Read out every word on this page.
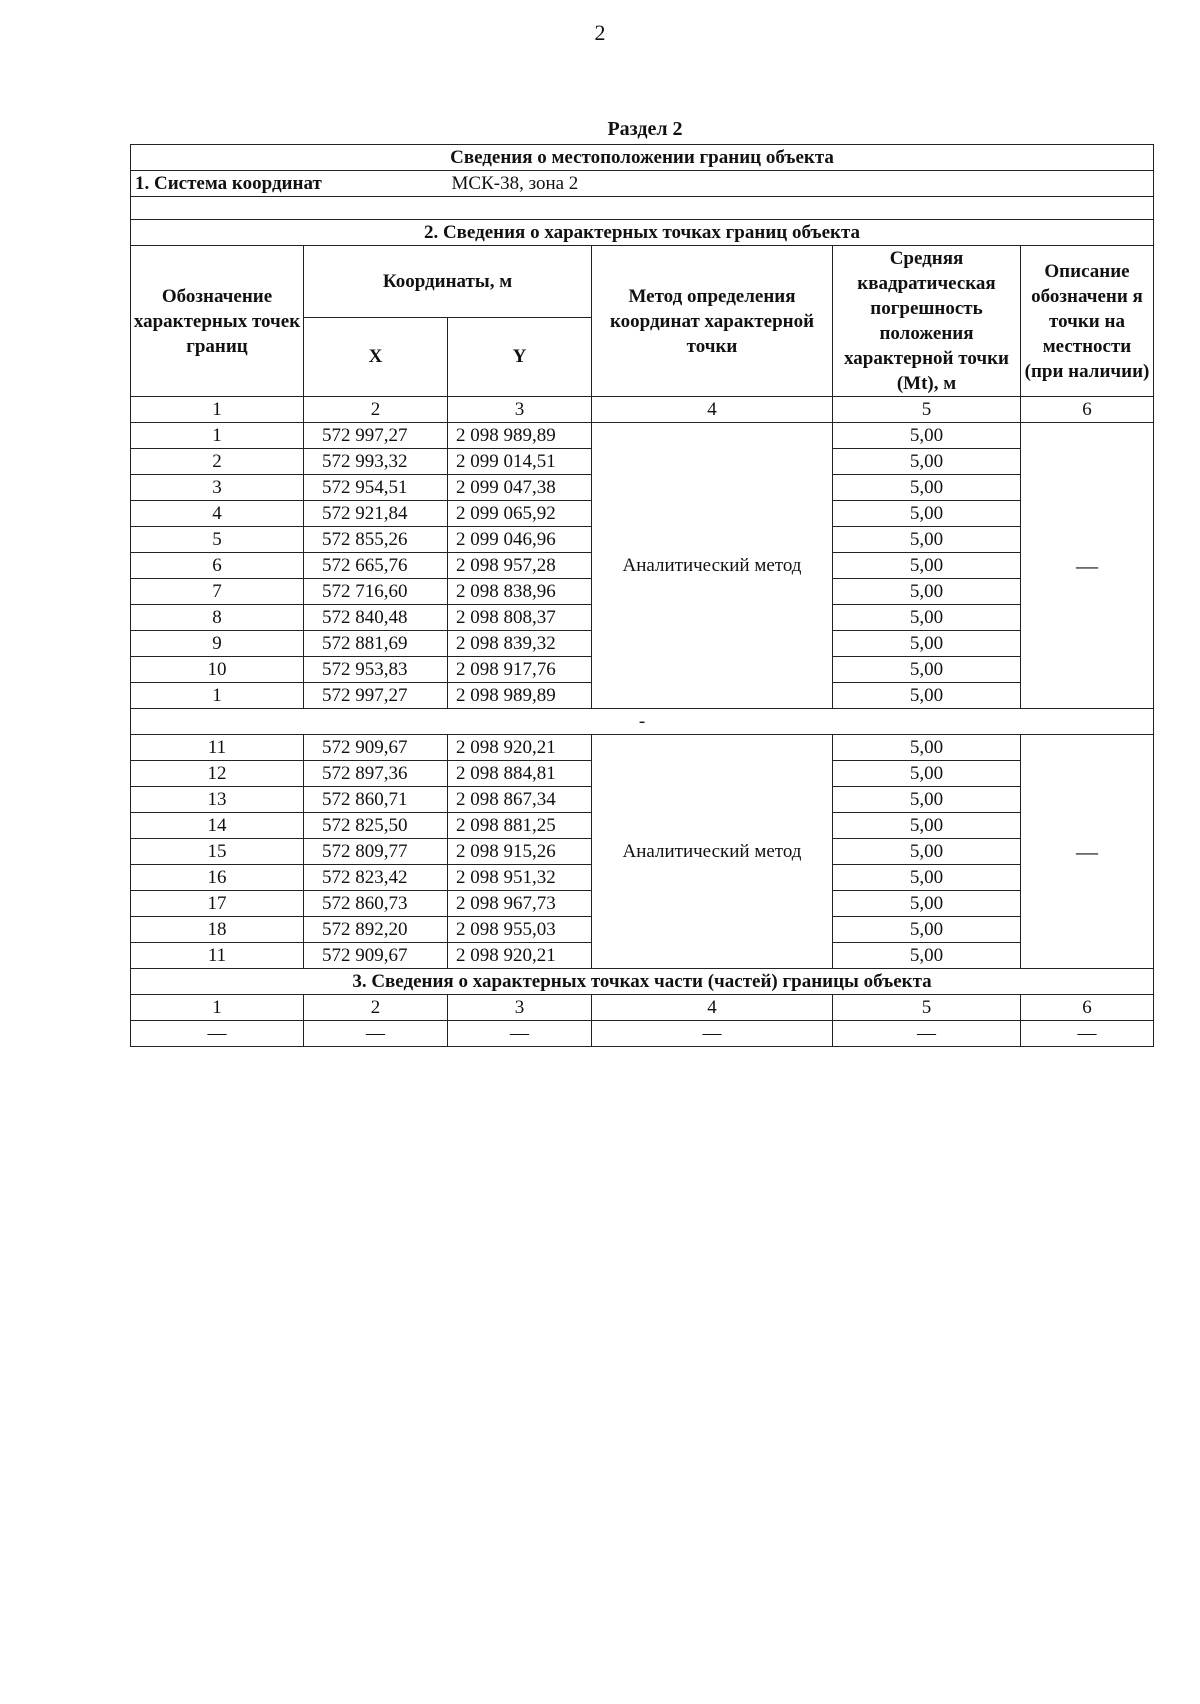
2
Раздел 2
Сведения о местоположении границ объекта					
1. Система координат		МСК-38, зона 2			

2. Сведения о характерных точках границ объекта					
Обозначение характерных точек границ	Координаты, м		Метод определения координат характерной точки	Средняя квадратическая погрешность положения характерной точки (Mt), м	Описание обозначени я точки на местности (при наличии)
	X	Y			
1	2	3	4	5	6
1	572 997,27	2 098 989,89	Аналитический метод	5,00	—
2	572 993,32	2 099 014,51		5,00	
3	572 954,51	2 099 047,38		5,00	
4	572 921,84	2 099 065,92		5,00	
5	572 855,26	2 099 046,96		5,00	
6	572 665,76	2 098 957,28		5,00	
7	572 716,60	2 098 838,96		5,00	
8	572 840,48	2 098 808,37		5,00	
9	572 881,69	2 098 839,32		5,00	
10	572 953,83	2 098 917,76		5,00	
1	572 997,27	2 098 989,89		5,00	
-					
11	572 909,67	2 098 920,21	Аналитический метод	5,00	—
12	572 897,36	2 098 884,81		5,00	
13	572 860,71	2 098 867,34		5,00	
14	572 825,50	2 098 881,25		5,00	
15	572 809,77	2 098 915,26		5,00	
16	572 823,42	2 098 951,32		5,00	
17	572 860,73	2 098 967,73		5,00	
18	572 892,20	2 098 955,03		5,00	
11	572 909,67	2 098 920,21		5,00	
3. Сведения о характерных точках части (частей) границы объекта					
1	2	3	4	5	6
—	—	—	—	—	—
